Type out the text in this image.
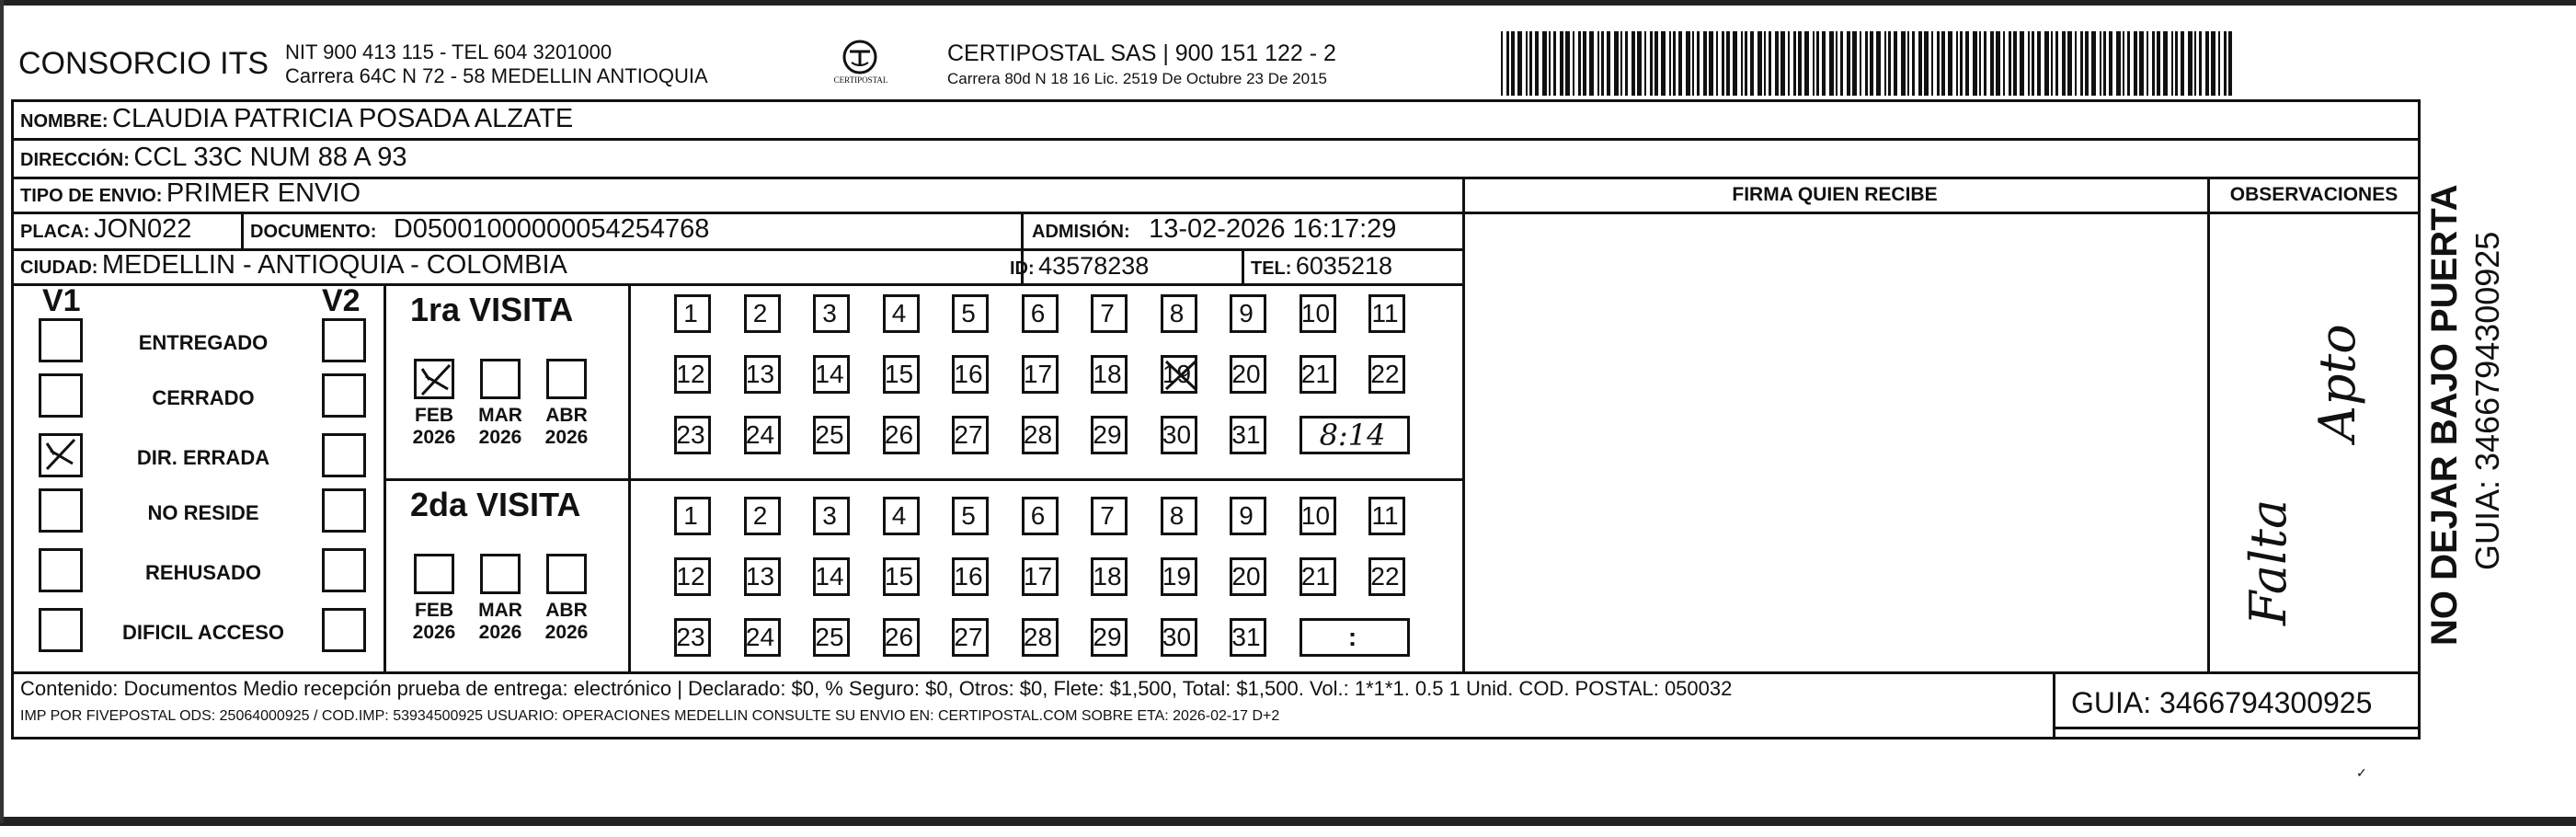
CONSORCIO ITS NIT 900 413 115 - TEL 604 3201000
Carrera 64C N 72 - 58 MEDELLIN ANTIOQUIA	CERTIPOSTAL
CERTIPOSTAL SAS | 900 151 122 - 2
Carrera 80d N 18 16 Lic. 2519 De Octubre 23 De 2015
NOMBRE: CLAUDIA PATRICIA POSADA ALZATE
DIRECCIÓN: CCL 33C NUM 88 A 93
TIPO DE ENVIO: PRIMER ENVIO	FIRMA QUIEN RECIBE	OBSERVACIONES
PLACA: JON022	DOCUMENTO: D05001000000054254768	ADMISIÓN: 13-02-2026 16:17:29
CIUDAD: MEDELLIN - ANTIOQUIA - COLOMBIA	ID: 43578238	TEL: 6035218
V1	V2
ENTREGADO
CERRADO
DIR. ERRADA
NO RESIDE
REHUSADO
DIFICIL ACCESO
1ra VISITA
FEB
2026
MAR
2026
ABR
2026
1 2 3 4 5 6 7 8 9 10 11
12 13 14 15 16 17 18 19 20 21 22
23 24 25 26 27 28 29 30 31 8:14
2da VISITA
FEB
2026
MAR
2026
ABR
2026
1 2 3 4 5 6 7 8 9 10 11
12 13 14 15 16 17 18 19 20 21 22
23 24 25 26 27 28 29 30 31	:
Falta
Apto
Contenido: Documentos Medio recepción prueba de entrega: electrónico | Declarado: $0, % Seguro: $0, Otros: $0, Flete: $1,500, Total: $1,500. Vol.: 1*1*1. 0.5 1 Unid. COD. POSTAL: 050032
IMP POR FIVEPOSTAL ODS: 25064000925 / COD.IMP: 53934500925 USUARIO: OPERACIONES MEDELLIN CONSULTE SU ENVIO EN: CERTIPOSTAL.COM SOBRE ETA: 2026-02-17 D+2	GUIA: 3466794300925
NO DEJAR BAJO PUERTA GUIA: 3466794300925
✓
